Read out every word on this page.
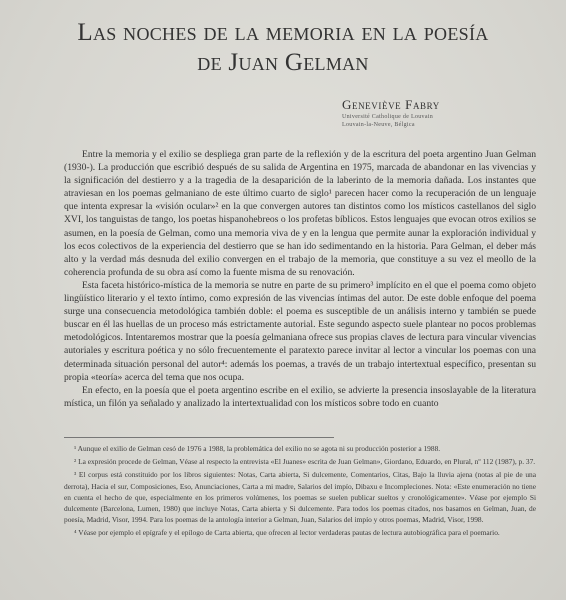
Las noches de la memoria en la poesía
de Juan Gelman
Geneviève Fabry
Université Catholique de Louvain
Louvain-la-Neuve, Bélgica

Entre la memoria y el exilio se despliega gran parte de la reflexión y de la escritura del poeta argentino Juan Gelman (1930-). La producción que escribió después de su salida de Argentina en 1975, marcada de abandonar en las vivencias y la significación del destierro y a la tragedia de la desaparición de la laberinto de la memoria dañada. Los instantes que atraviesan en los poemas gelmaniano de este último cuarto de siglo¹ parecen hacer como la recuperación de un lenguaje que intenta expresar la «visión ocular»² en la que convergen autores tan distintos como los místicos castellanos del siglo XVI, los tanguistas de tango, los poetas hispanohebreos o los profetas bíblicos. Estos lenguajes que evocan otros exilios se asumen, en la poesía de Gelman, como una memoria viva de y en la lengua que permite aunar la exploración individual y los ecos colectivos de la experiencia del destierro que se han ido sedimentando en la historia. Para Gelman, el deber más alto y la verdad más desnuda del exilio convergen en el trabajo de la memoria, que constituye a su vez el meollo de la coherencia profunda de su obra así como la fuente misma de su renovación.

Esta faceta histórico-mística de la memoria se nutre en parte de su primero³ implícito en el que el poema como objeto lingüístico literario y el texto íntimo, como expresión de las vivencias íntimas del autor. De este doble enfoque del poema surge una consecuencia metodológica también doble: el poema es susceptible de un análisis interno y también se puede buscar en él las huellas de un proceso más estrictamente autorial. Este segundo aspecto suele plantear no pocos problemas metodológicos. Intentaremos mostrar que la poesía gelmaniana ofrece sus propias claves de lectura para vincular vivencias autoriales y escritura poética y no sólo frecuentemente el paratexto parece invitar al lector a vincular los poemas con una determinada situación personal del autor⁴: además los poemas, a través de un trabajo intertextual específico, presentan su propia «teoría» acerca del tema que nos ocupa.

En efecto, en la poesía que el poeta argentino escribe en el exilio, se advierte la presencia insoslayable de la literatura mística, un filón ya señalado y analizado la intertextualidad con los místicos sobre todo en cuanto

¹ Aunque el exilio de Gelman cesó de 1976 a 1988, la problemática del exilio no se agota ni su producción posterior a 1988.

² La expresión procede de Gelman, Véase al respecto la entrevista «El Juanes» escrita de Juan Gelman», Giordano, Eduardo, en Plural, nº 112 (1987), p. 37.

³ El corpus está constituido por los libros siguientes: Notas, Carta abierta, Si dulcemente, Comentarios, Citas, Bajo la lluvia ajena (notas al pie de una derrota), Hacia el sur, Composiciones, Eso, Anunciaciones, Carta a mi madre, Salarios del impío, Dibaxu e Incompleciones. Nota: «Este enumeración no tiene en cuenta el hecho de que, especialmente en los primeros volúmenes, los poemas se suelen publicar sueltos y cronológicamente». Véase por ejemplo Si dulcemente (Barcelona, Lumen, 1980) que incluye Notas, Carta abierta y Si dulcemente. Para todos los poemas citados, nos basamos en Gelman, Juan, de poesía, Madrid, Visor, 1994. Para los poemas de la antología interior a Gelman, Juan, Salarios del impío y otros poemas, Madrid, Visor, 1998.

⁴ Véase por ejemplo el epígrafe y el epílogo de Carta abierta, que ofrecen al lector verdaderas pautas de lectura autobiográfica para el poemario.
